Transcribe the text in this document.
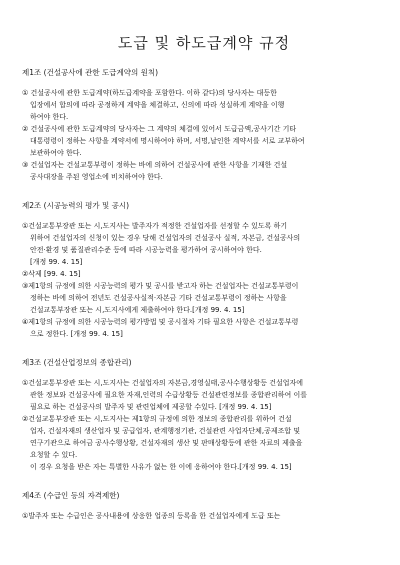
도급 및 하도급계약 규정
제1조 (건설공사에 관한 도급계약의 원칙)
① 건설공사에 관한 도급계약(하도급계약을 포함한다. 이하 같다)의 당사자는 대등한
입장에서 합의에 따라 공정하게 계약을 체결하고, 신의에 따라 성실하게 계약을 이행
하여야 한다.
② 건설공사에 관한 도급계약의 당사자는 그 계약의 체결에 있어서 도급금액,공사기간 기타
대통령령이 정하는 사항을 계약서에 명시하여야 하며, 서명,날인한 계약서를 서로 교부하여
보관하여야 한다.
③ 건설업자는 건설교통부령이 정하는 바에 의하여 건설공사에 관한 사항을 기재한 건설
공사대장을 주된 영업소에 비치하여야 한다.
제2조 (시공능력의 평가 및 공시)
①건설교통부장관 또는 시,도지사는 발주자가 적정한 건설업자를 선정할 수 있도록 하기
위하여 건설업자의 신청이 있는 경우 당해 건설업자의 건설공사 실적, 자본금, 건설공사의
안전·환경 및 품질관리수준 등에 따라 시공능력을 평가하여 공시하여야 한다.
[개정 99. 4. 15]
②삭제 [99. 4. 15]
③제1항의 규정에 의한 시공능력의 평가 및 공시를 받고자 하는 건설업자는 건설교통부령이
정하는 바에 의하여 전년도 건설공사실적·자본금 기타 건설교통부령이 정하는 사항을
건설교통부장관 또는 시,도지사에게 제출하여야 한다.[개정 99. 4. 15]
④제1항의 규정에 의한 시공능력의 평가방법 및 공시절차 기타 필요한 사항은 건설교통부령
으로 정한다. [개정 99. 4. 15]
제3조 (건설산업정보의 종합관리)
①건설교통부장관 또는 시,도지사는 건설업자의 자본금,경영실태,공사수행상황등 건설업자에
관한 정보와 건설공사에 필요한 자재,인력의 수급상황등 건설관련정보를 종합관리하여 이를
필요로 하는 건설공사의 발주자 및 관련업체에 제공할 수있다. [개정 99. 4. 15]
②건설교통부장관 또는 시,도지사는 제1항의 규정에 의한 정보의 종합관리를 위하여 건설
업자, 건설자재의 생산업자 및 공급업자, 관계행정기관, 건설관련 사업자단체,공제조합 및
연구기관으로 하여금 공사수행상황, 건설자재의 생산 및 판매상황등에 관한 자료의 제출을
요청할 수 있다.
이 경우 요청을 받은 자는 특별한 사유가 없는 한 이에 응하여야 한다.[개정 99. 4. 15]
제4조 (수급인 등의 자격제한)
①발주자 또는 수급인은 공사내용에 상응한 업종의 등록을 한 건설업자에게 도급 또는
